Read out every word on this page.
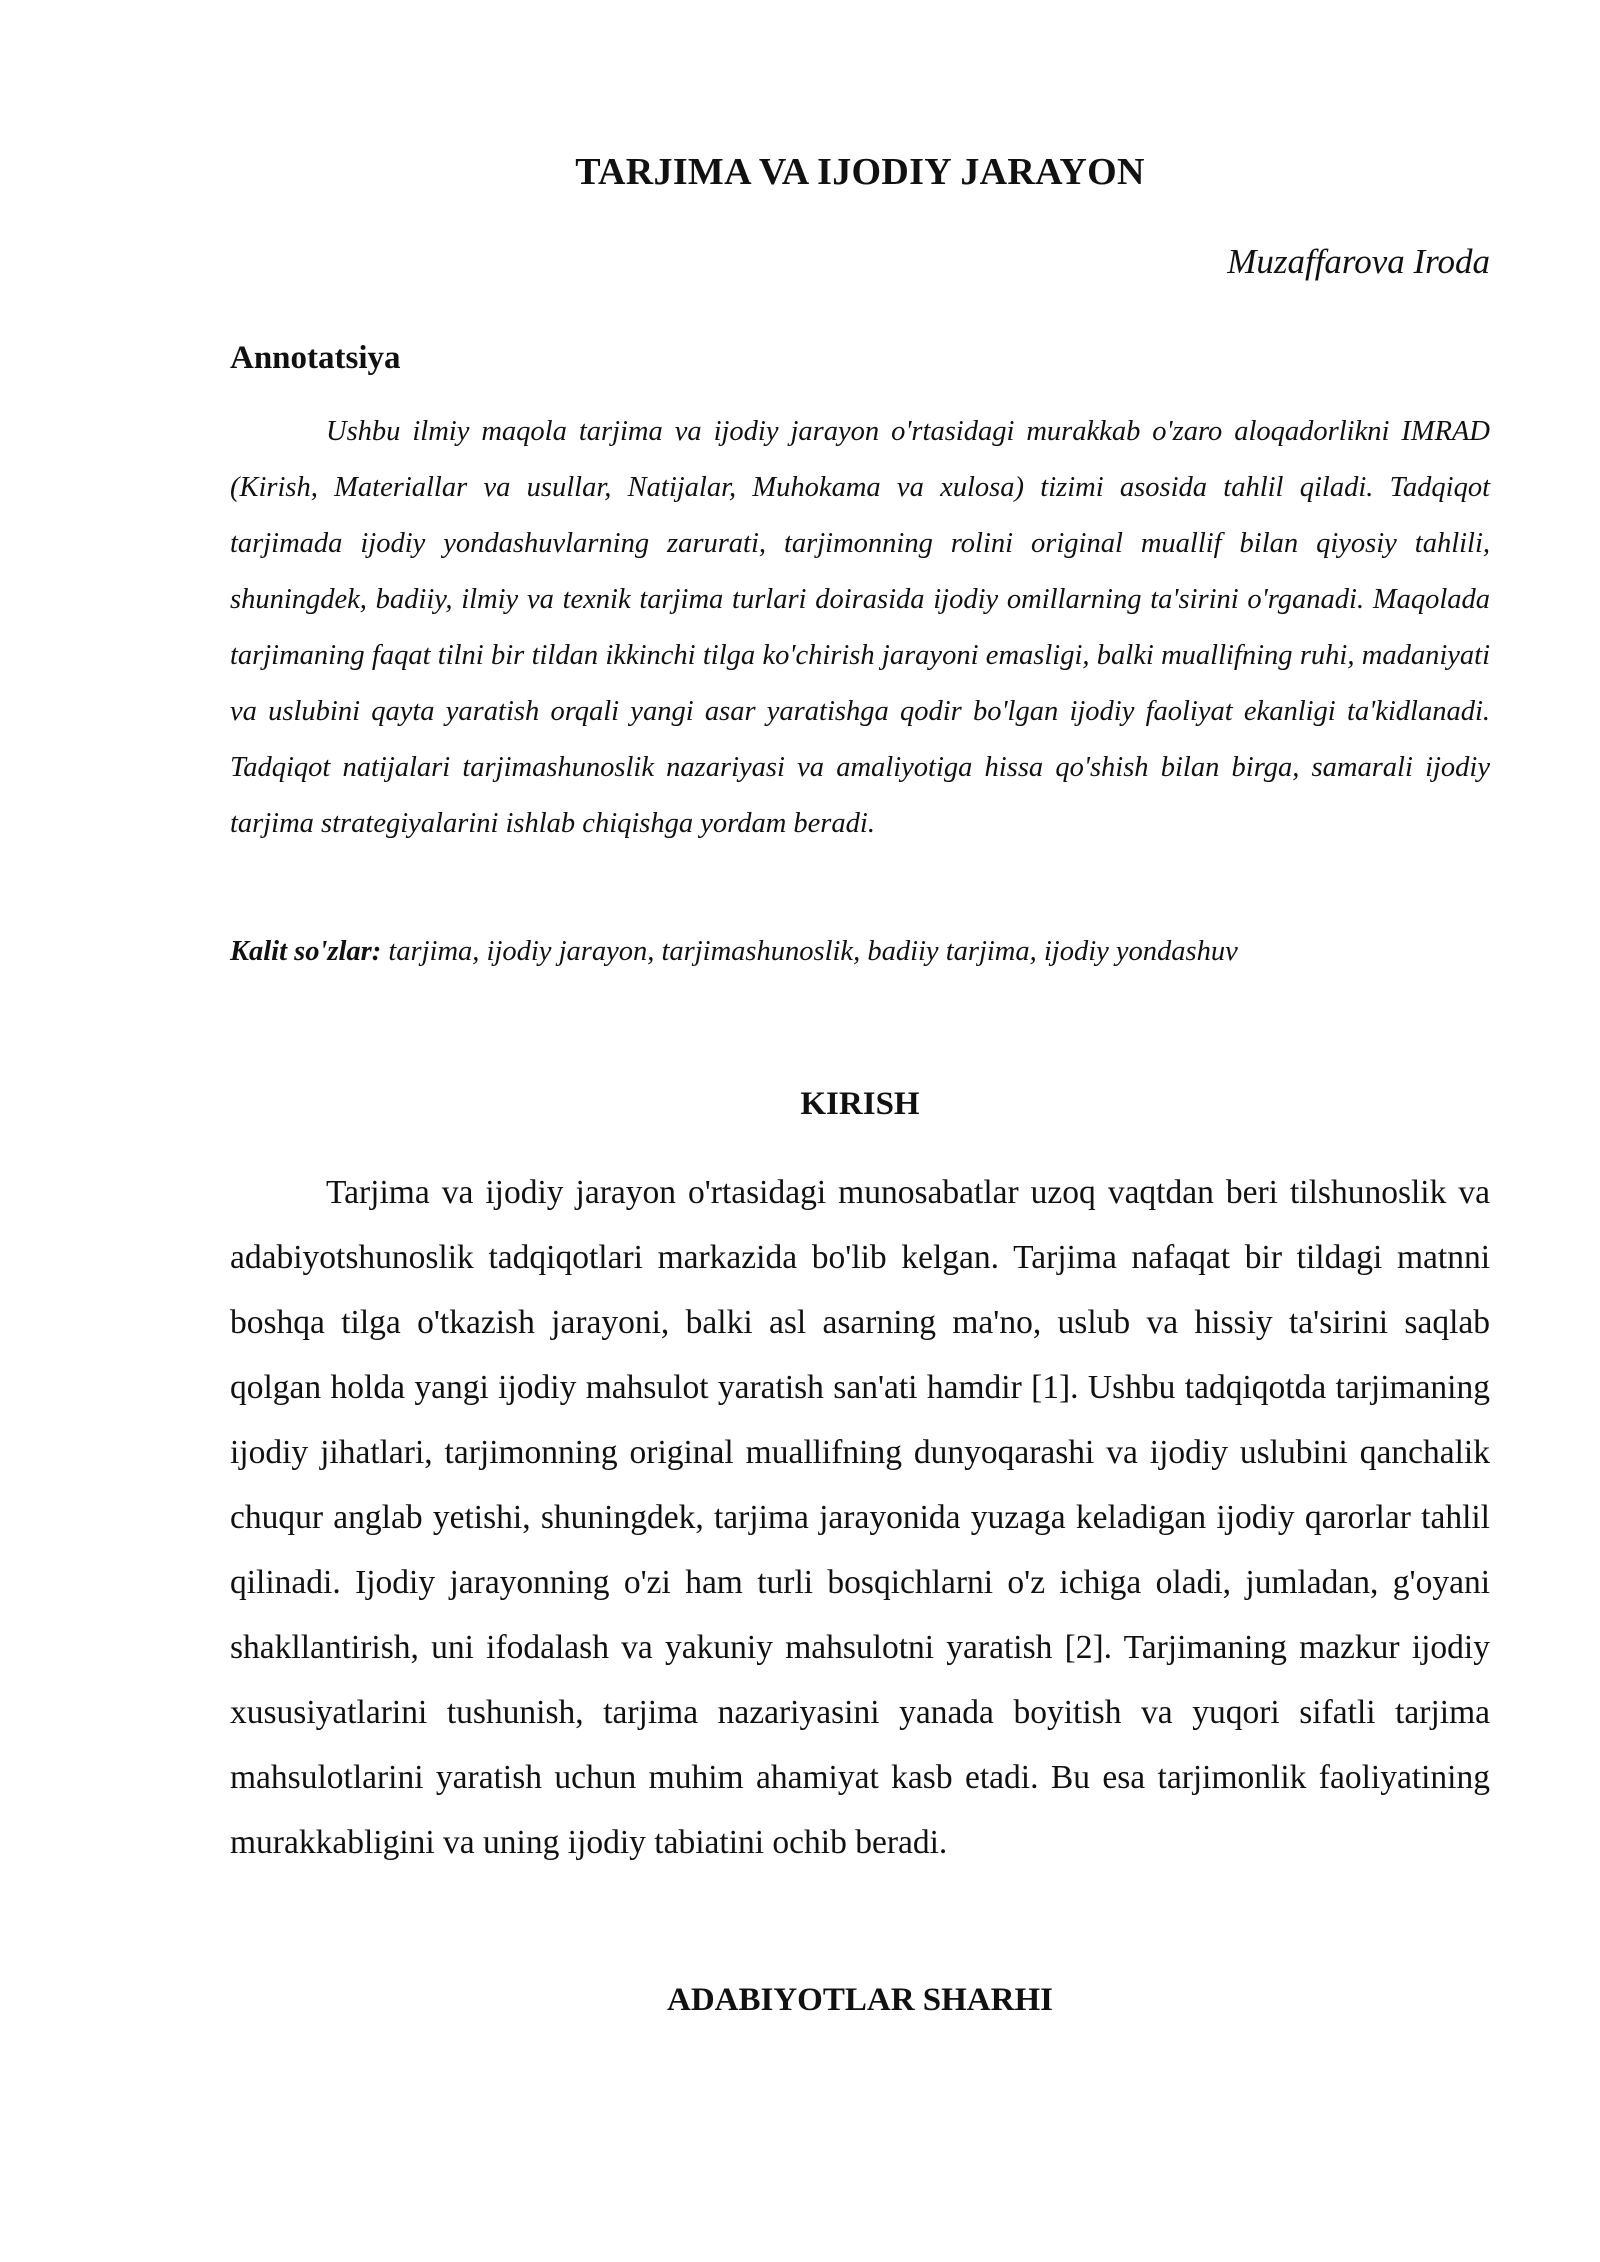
TARJIMA VA IJODIY JARAYON

Muzaffarova Iroda

Annotatsiya

Ushbu ilmiy maqola tarjima va ijodiy jarayon o'rtasidagi murakkab o'zaro aloqadorlikni IMRAD (Kirish, Materiallar va usullar, Natijalar, Muhokama va xulosa) tizimi asosida tahlil qiladi. Tadqiqot tarjimada ijodiy yondashuvlarning zarurati, tarjimonning rolini original muallif bilan qiyosiy tahlili, shuningdek, badiiy, ilmiy va texnik tarjima turlari doirasida ijodiy omillarning ta'sirini o'rganadi. Maqolada tarjimaning faqat tilni bir tildan ikkinchi tilga ko'chirish jarayoni emasligi, balki muallifning ruhi, madaniyati va uslubini qayta yaratish orqali yangi asar yaratishga qodir bo'lgan ijodiy faoliyat ekanligi ta'kidlanadi. Tadqiqot natijalari tarjimashunoslik nazariyasi va amaliyotiga hissa qo'shish bilan birga, samarali ijodiy tarjima strategiyalarini ishlab chiqishga yordam beradi.

Kalit so'zlar: tarjima, ijodiy jarayon, tarjimashunoslik, badiiy tarjima, ijodiy yondashuv

KIRISH

Tarjima va ijodiy jarayon o'rtasidagi munosabatlar uzoq vaqtdan beri tilshunoslik va adabiyotshunoslik tadqiqotlari markazida bo'lib kelgan. Tarjima nafaqat bir tildagi matnni boshqa tilga o'tkazish jarayoni, balki asl asarning ma'no, uslub va hissiy ta'sirini saqlab qolgan holda yangi ijodiy mahsulot yaratish san'ati hamdir [1]. Ushbu tadqiqotda tarjimaning ijodiy jihatlari, tarjimonning original muallifning dunyoqarashi va ijodiy uslubini qanchalik chuqur anglab yetishi, shuningdek, tarjima jarayonida yuzaga keladigan ijodiy qarorlar tahlil qilinadi. Ijodiy jarayonning o'zi ham turli bosqichlarni o'z ichiga oladi, jumladan, g'oyani shakllantirish, uni ifodalash va yakuniy mahsulotni yaratish [2]. Tarjimaning mazkur ijodiy xususiyatlarini tushunish, tarjima nazariyasini yanada boyitish va yuqori sifatli tarjima mahsulotlarini yaratish uchun muhim ahamiyat kasb etadi. Bu esa tarjimonlik faoliyatining murakkabligini va uning ijodiy tabiatini ochib beradi.

ADABIYOTLAR SHARHI
